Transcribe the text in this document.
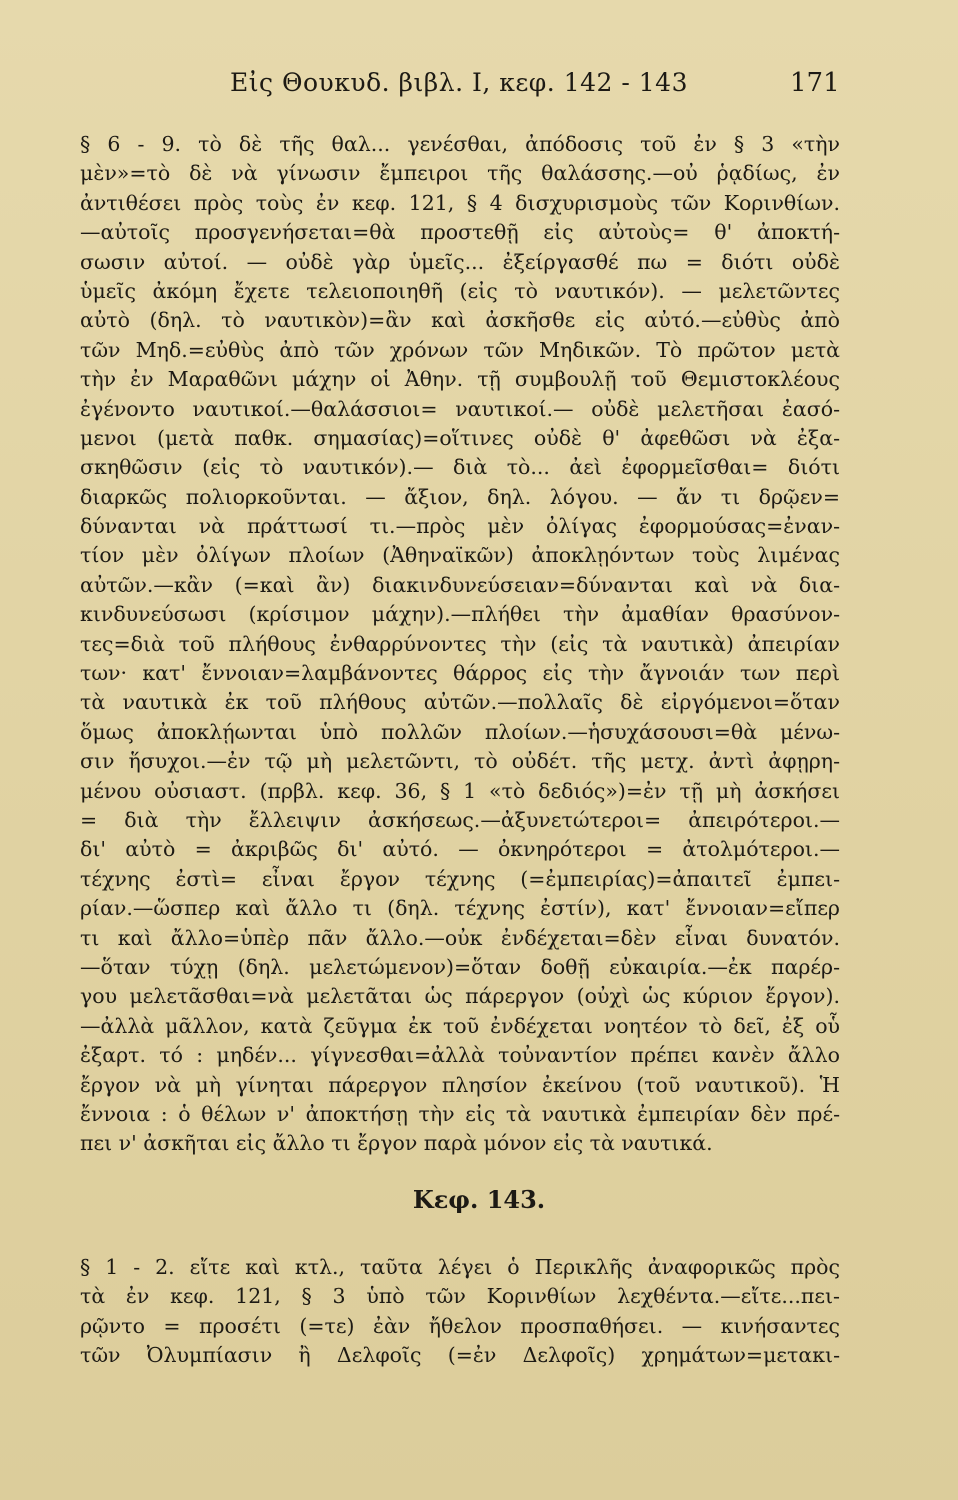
Εἰς Θουκυδ. βιβλ. I, κεφ. 142 - 143	171
§ 6 - 9. τὸ δὲ τῆς θαλ... γενέσθαι, ἀπόδοσις τοῦ ἐν § 3 «τὴν
μὲν»=τὸ δὲ νὰ γίνωσιν ἔμπειροι τῆς θαλάσσης.—οὐ ῥᾳδίως, ἐν
ἀντιθέσει πρὸς τοὺς ἐν κεφ. 121, § 4 δισχυρισμοὺς τῶν Κορινθίων.
—αὐτοῖς προσγενήσεται=θὰ προστεθῇ εἰς αὐτοὺς= θ' ἀποκτή-
σωσιν αὐτοί. — οὐδὲ γὰρ ὑμεῖς... ἐξείργασθέ πω = διότι οὐδὲ
ὑμεῖς ἀκόμη ἔχετε τελειοποιηθῆ (εἰς τὸ ναυτικόν). — μελετῶντες
αὐτὸ (δηλ. τὸ ναυτικὸν)=ἂν καὶ ἀσκῆσθε εἰς αὐτό.—εὐθὺς ἀπὸ
τῶν Μηδ.=εὐθὺς ἀπὸ τῶν χρόνων τῶν Μηδικῶν. Τὸ πρῶτον μετὰ
τὴν ἐν Μαραθῶνι μάχην οἱ Ἀθην. τῇ συμβουλῇ τοῦ Θεμιστοκλέους
ἐγένοντο ναυτικοί.—θαλάσσιοι= ναυτικοί.— οὐδὲ μελετῆσαι ἐασό-
μενοι (μετὰ παθκ. σημασίας)=οἵτινες οὐδὲ θ' ἀφεθῶσι νὰ ἐξα-
σκηθῶσιν (εἰς τὸ ναυτικόν).— διὰ τὸ... ἀεὶ ἐφορμεῖσθαι= διότι
διαρκῶς πολιορκοῦνται. — ἄξιον, δηλ. λόγου. — ἄν τι δρῷεν=
δύνανται νὰ πράττωσί τι.—πρὸς μὲν ὀλίγας ἐφορμούσας=ἐναν-
τίον μὲν ὀλίγων πλοίων (Ἀθηναϊκῶν) ἀποκλῃόντων τοὺς λιμένας
αὐτῶν.—κἂν (=καὶ ἂν) διακινδυνεύσειαν=δύνανται καὶ νὰ δια-
κινδυνεύσωσι (κρίσιμον μάχην).—πλήθει τὴν ἀμαθίαν θρασύνον-
τες=διὰ τοῦ πλήθους ἐνθαρρύνοντες τὴν (εἰς τὰ ναυτικὰ) ἀπειρίαν
των· κατ' ἔννοιαν=λαμβάνοντες θάρρος εἰς τὴν ἄγνοιάν των περὶ
τὰ ναυτικὰ ἐκ τοῦ πλήθους αὐτῶν.—πολλαῖς δὲ εἰργόμενοι=ὅταν
ὅμως ἀποκλῄωνται ὑπὸ πολλῶν πλοίων.—ἡσυχάσουσι=θὰ μένω-
σιν ἥσυχοι.—ἐν τῷ μὴ μελετῶντι, τὸ οὐδέτ. τῆς μετχ. ἀντὶ ἀφῃρη-
μένου οὐσιαστ. (πρβλ. κεφ. 36, § 1 «τὸ δεδιός»)=ἐν τῇ μὴ ἀσκήσει
= διὰ τὴν ἔλλειψιν ἀσκήσεως.—ἀξυνετώτεροι= ἀπειρότεροι.—
δι' αὐτὸ = ἀκριβῶς δι' αὐτό. — ὀκνηρότεροι = ἀτολμότεροι.—
τέχνης ἐστὶ= εἶναι ἔργον τέχνης (=ἐμπειρίας)=ἀπαιτεῖ ἐμπει-
ρίαν.—ὥσπερ καὶ ἄλλο τι (δηλ. τέχνης ἐστίν), κατ' ἔννοιαν=εἴπερ
τι καὶ ἄλλο=ὑπὲρ πᾶν ἄλλο.—οὐκ ἐνδέχεται=δὲν εἶναι δυνατόν.
—ὅταν τύχῃ (δηλ. μελετώμενον)=ὅταν δοθῇ εὐκαιρία.—ἐκ παρέρ-
γου μελετᾶσθαι=νὰ μελετᾶται ὡς πάρεργον (οὐχὶ ὡς κύριον ἔργον).
—ἀλλὰ μᾶλλον, κατὰ ζεῦγμα ἐκ τοῦ ἐνδέχεται νοητέον τὸ δεῖ, ἐξ οὗ
ἐξαρτ. τό : μηδέν... γίγνεσθαι=ἀλλὰ τοὐναντίον πρέπει κανὲν ἄλλο
ἔργον νὰ μὴ γίνηται πάρεργον πλησίον ἐκείνου (τοῦ ναυτικοῦ). Ἡ
ἔννοια : ὁ θέλων ν' ἀποκτήσῃ τὴν εἰς τὰ ναυτικὰ ἐμπειρίαν δὲν πρέ-
πει ν' ἀσκῆται εἰς ἄλλο τι ἔργον παρὰ μόνον εἰς τὰ ναυτικά.
Κεφ. 143.
§ 1 - 2. εἴτε καὶ κτλ., ταῦτα λέγει ὁ Περικλῆς ἀναφορικῶς πρὸς
τὰ ἐν κεφ. 121, § 3 ὑπὸ τῶν Κορινθίων λεχθέντα.—εἴτε...πει-
ρῷντο = προσέτι (=τε) ἐὰν ἤθελον προσπαθήσει. — κινήσαντες
τῶν Ὀλυμπίασιν ἢ Δελφοῖς (=ἐν Δελφοῖς) χρημάτων=μετακι-
